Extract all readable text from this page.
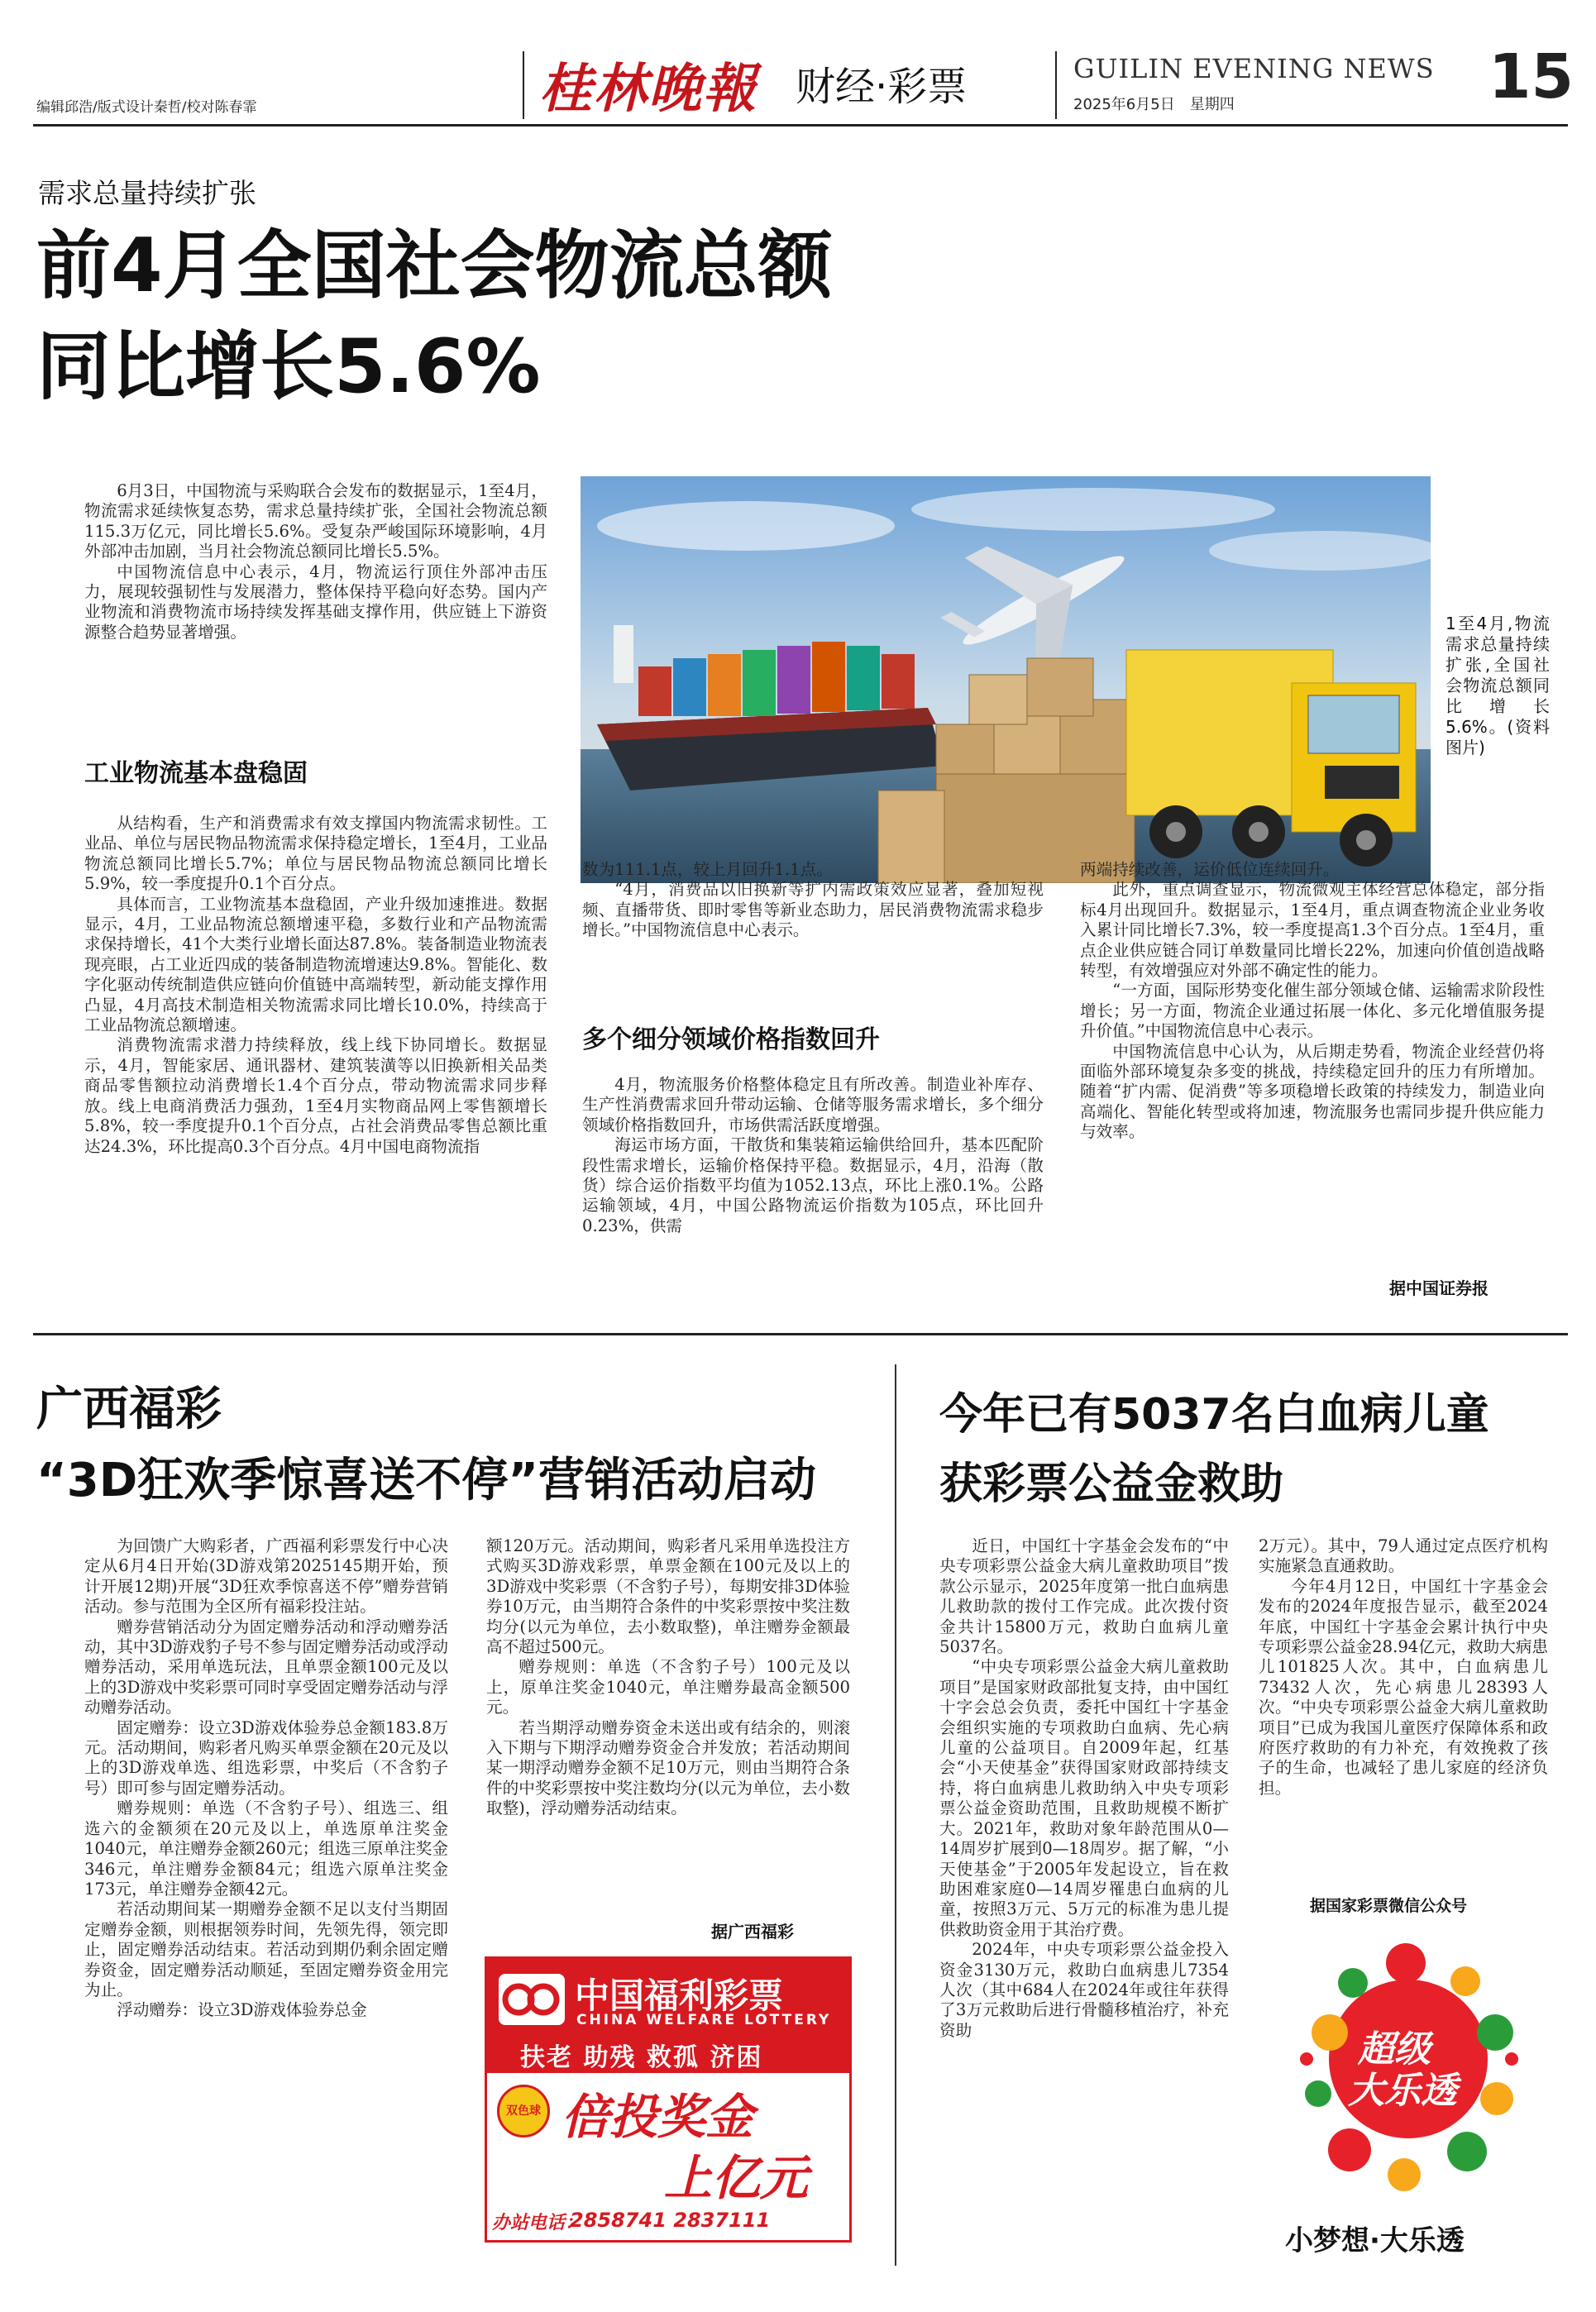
编辑邱浩/版式设计秦哲/校对陈春霏	桂林晚報 财经·彩票	GUILIN EVENING NEWS
2025年6月5日　星期四	15
需求总量持续扩张
前4月全国社会物流总额
同比增长5.6%

6月3日，中国物流与采购联合会发布的数据显示，1至4月，物流需求延续恢复态势，需求总量持续扩张，全国社会物流总额115.3万亿元，同比增长5.6%。受复杂严峻国际环境影响，4月外部冲击加剧，当月社会物流总额同比增长5.5%。

中国物流信息中心表示，4月，物流运行顶住外部冲击压力，展现较强韧性与发展潜力，整体保持平稳向好态势。国内产业物流和消费物流市场持续发挥基础支撑作用，供应链上下游资源整合趋势显著增强。	1至4月,物流需求总量持续扩张,全国社会物流总额同比增长5.6%。(资料图片)
工业物流基本盘稳固

从结构看，生产和消费需求有效支撑国内物流需求韧性。工业品、单位与居民物品物流需求保持稳定增长，1至4月，工业品物流总额同比增长5.7%；单位与居民物品物流总额同比增长5.9%，较一季度提升0.1个百分点。

具体而言，工业物流基本盘稳固，产业升级加速推进。数据显示，4月，工业品物流总额增速平稳，多数行业和产品物流需求保持增长，41个大类行业增长面达87.8%。装备制造业物流表现亮眼，占工业近四成的装备制造物流增速达9.8%。智能化、数字化驱动传统制造供应链向价值链中高端转型，新动能支撑作用凸显，4月高技术制造相关物流需求同比增长10.0%，持续高于工业品物流总额增速。

消费物流需求潜力持续释放，线上线下协同增长。数据显示，4月，智能家居、通讯器材、建筑装潢等以旧换新相关品类商品零售额拉动消费增长1.4个百分点，带动物流需求同步释放。线上电商消费活力强劲，1至4月实物商品网上零售额增长5.8%，较一季度提升0.1个百分点，占社会消费品零售总额比重达24.3%，环比提高0.3个百分点。4月中国电商物流指

数为111.1点，较上月回升1.1点。

“4月，消费品以旧换新等扩内需政策效应显著，叠加短视频、直播带货、即时零售等新业态助力，居民消费物流需求稳步增长。”中国物流信息中心表示。

多个细分领域价格指数回升

4月，物流服务价格整体稳定且有所改善。制造业补库存、生产性消费需求回升带动运输、仓储等服务需求增长，多个细分领域价格指数回升，市场供需活跃度增强。

海运市场方面，干散货和集装箱运输供给回升，基本匹配阶段性需求增长，运输价格保持平稳。数据显示，4月，沿海（散货）综合运价指数平均值为1052.13点，环比上涨0.1%。公路运输领域，4月，中国公路物流运价指数为105点，环比回升0.23%，供需

两端持续改善，运价低位连续回升。

此外，重点调查显示，物流微观主体经营总体稳定，部分指标4月出现回升。数据显示，1至4月，重点调查物流企业业务收入累计同比增长7.3%，较一季度提高1.3个百分点。1至4月，重点企业供应链合同订单数量同比增长22%，加速向价值创造战略转型，有效增强应对外部不确定性的能力。

“一方面，国际形势变化催生部分领域仓储、运输需求阶段性增长；另一方面，物流企业通过拓展一体化、多元化增值服务提升价值。”中国物流信息中心表示。

中国物流信息中心认为，从后期走势看，物流企业经营仍将面临外部环境复杂多变的挑战，持续稳定回升的压力有所增加。随着“扩内需、促消费”等多项稳增长政策的持续发力，制造业向高端化、智能化转型或将加速，物流服务也需同步提升供应能力与效率。

据中国证券报
广西福彩
“3D狂欢季惊喜送不停”营销活动启动

为回馈广大购彩者，广西福利彩票发行中心决定从6月4日开始(3D游戏第2025145期开始，预计开展12期)开展“3D狂欢季惊喜送不停”赠券营销活动。参与范围为全区所有福彩投注站。

赠券营销活动分为固定赠券活动和浮动赠券活动，其中3D游戏豹子号不参与固定赠券活动或浮动赠券活动，采用单选玩法，且单票金额100元及以上的3D游戏中奖彩票可同时享受固定赠券活动与浮动赠券活动。

固定赠券：设立3D游戏体验券总金额183.8万元。活动期间，购彩者凡购买单票金额在20元及以上的3D游戏单选、组选彩票，中奖后（不含豹子号）即可参与固定赠券活动。

赠券规则：单选（不含豹子号）、组选三、组选六的金额须在20元及以上，单选原单注奖金1040元，单注赠券金额260元；组选三原单注奖金346元，单注赠券金额84元；组选六原单注奖金173元，单注赠券金额42元。

若活动期间某一期赠券金额不足以支付当期固定赠券金额，则根据领券时间，先领先得，领完即止，固定赠券活动结束。若活动到期仍剩余固定赠券资金，固定赠券活动顺延，至固定赠券资金用完为止。

浮动赠券：设立3D游戏体验券总金

额120万元。活动期间，购彩者凡采用单选投注方式购买3D游戏彩票，单票金额在100元及以上的3D游戏中奖彩票（不含豹子号），每期安排3D体验券10万元，由当期符合条件的中奖彩票按中奖注数均分(以元为单位，去小数取整)，单注赠券金额最高不超过500元。

赠券规则：单选（不含豹子号）100元及以上，原单注奖金1040元，单注赠券最高金额500元。

若当期浮动赠券资金未送出或有结余的，则滚入下期与下期浮动赠券资金合并发放；若活动期间某一期浮动赠券金额不足10万元，则由当期符合条件的中奖彩票按中奖注数均分(以元为单位，去小数取整)，浮动赠券活动结束。

据广西福彩
中国福利彩票
CHINA WELFARE LOTTERY
扶老 助残 救孤 济困
双色球 倍投奖金
上亿元
办站电话：
2858741 2837111
今年已有5037名白血病儿童
获彩票公益金救助

近日，中国红十字基金会发布的“中央专项彩票公益金大病儿童救助项目”拨款公示显示，2025年度第一批白血病患儿救助款的拨付工作完成。此次拨付资金共计15800万元，救助白血病儿童5037名。

“中央专项彩票公益金大病儿童救助项目”是国家财政部批复支持，由中国红十字会总会负责，委托中国红十字基金会组织实施的专项救助白血病、先心病儿童的公益项目。自2009年起，红基会“小天使基金”获得国家财政部持续支持，将白血病患儿救助纳入中央专项彩票公益金资助范围，且救助规模不断扩大。2021年，救助对象年龄范围从0—14周岁扩展到0—18周岁。据了解，“小天使基金”于2005年发起设立，旨在救助困难家庭0—14周岁罹患白血病的儿童，按照3万元、5万元的标准为患儿提供救助资金用于其治疗费。

2024年，中央专项彩票公益金投入资金3130万元，救助白血病患儿7354人次（其中684人在2024年或往年获得了3万元救助后进行骨髓移植治疗，补充资助

2万元）。其中，79人通过定点医疗机构实施紧急直通救助。

今年4月12日，中国红十字基金会发布的2024年度报告显示，截至2024年底，中国红十字基金会累计执行中央专项彩票公益金28.94亿元，救助大病患儿101825人次。其中，白血病患儿73432人次，先心病患儿28393人次。“中央专项彩票公益金大病儿童救助项目”已成为我国儿童医疗保障体系和政府医疗救助的有力补充，有效挽救了孩子的生命，也减轻了患儿家庭的经济负担。

据国家彩票微信公众号
超级
大乐透
小梦想·大乐透
